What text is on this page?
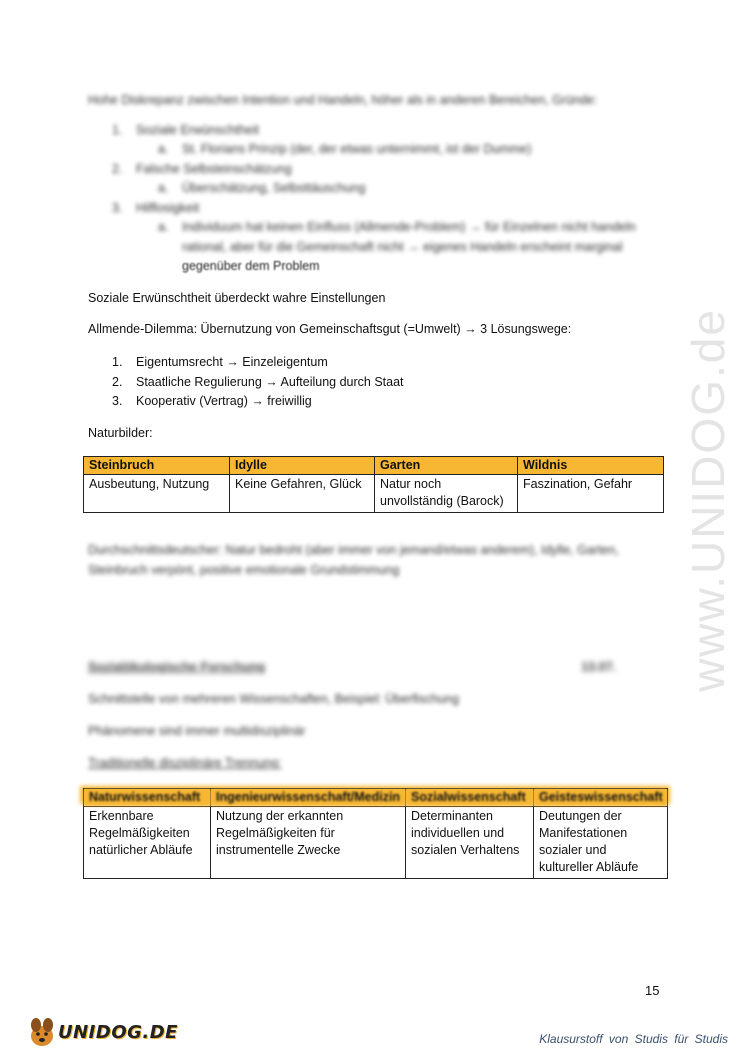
www.UNIDOG.de
Hohe Diskrepanz zwischen Intention und Handeln, höher als in anderen Bereichen, Gründe:
1. Soziale Erwünschtheit
a. St. Florians Prinzip (der, der etwas unternimmt, ist der Dumme)
2. Falsche Selbsteinschätzung
a. Überschätzung, Selbsttäuschung
3. Hilflosigkeit
a. Individuum hat keinen Einfluss (Allmende-Problem) → für Einzelnen nicht handeln
rational, aber für die Gemeinschaft nicht → eigenes Handeln erscheint marginal
gegenüber dem Problem
Soziale Erwünschtheit überdeckt wahre Einstellungen
Allmende-Dilemma: Übernutzung von Gemeinschaftsgut (=Umwelt) → 3 Lösungswege:
1. Eigentumsrecht → Einzeleigentum
2. Staatliche Regulierung → Aufteilung durch Staat
3. Kooperativ (Vertrag) → freiwillig
Naturbilder:
Steinbruch	Idylle	Garten	Wildnis
Ausbeutung, Nutzung	Keine Gefahren, Glück	Natur noch unvollständig (Barock)	Faszination, Gefahr
Durchschnittsdeutscher: Natur bedroht (aber immer von jemand/etwas anderem), Idylle, Garten,
Steinbruch verpönt, positive emotionale Grundstimmung
Sozialökologische Forschung	13.07.
Schnittstelle von mehreren Wissenschaften, Beispiel: Überfischung
Phänomene sind immer multidisziplinär
Traditionelle disziplinäre Trennung:
Naturwissenschaft	Ingenieurwissenschaft/Medizin	Sozialwissenschaft	Geisteswissenschaft
Erkennbare Regelmäßigkeiten natürlicher Abläufe	Nutzung der erkannten Regelmäßigkeiten für instrumentelle Zwecke	Determinanten individuellen und sozialen Verhaltens	Deutungen der Manifestationen sozialer und kultureller Abläufe
15
UNIDOG.DE	Klausurstoff von Studis für Studis
